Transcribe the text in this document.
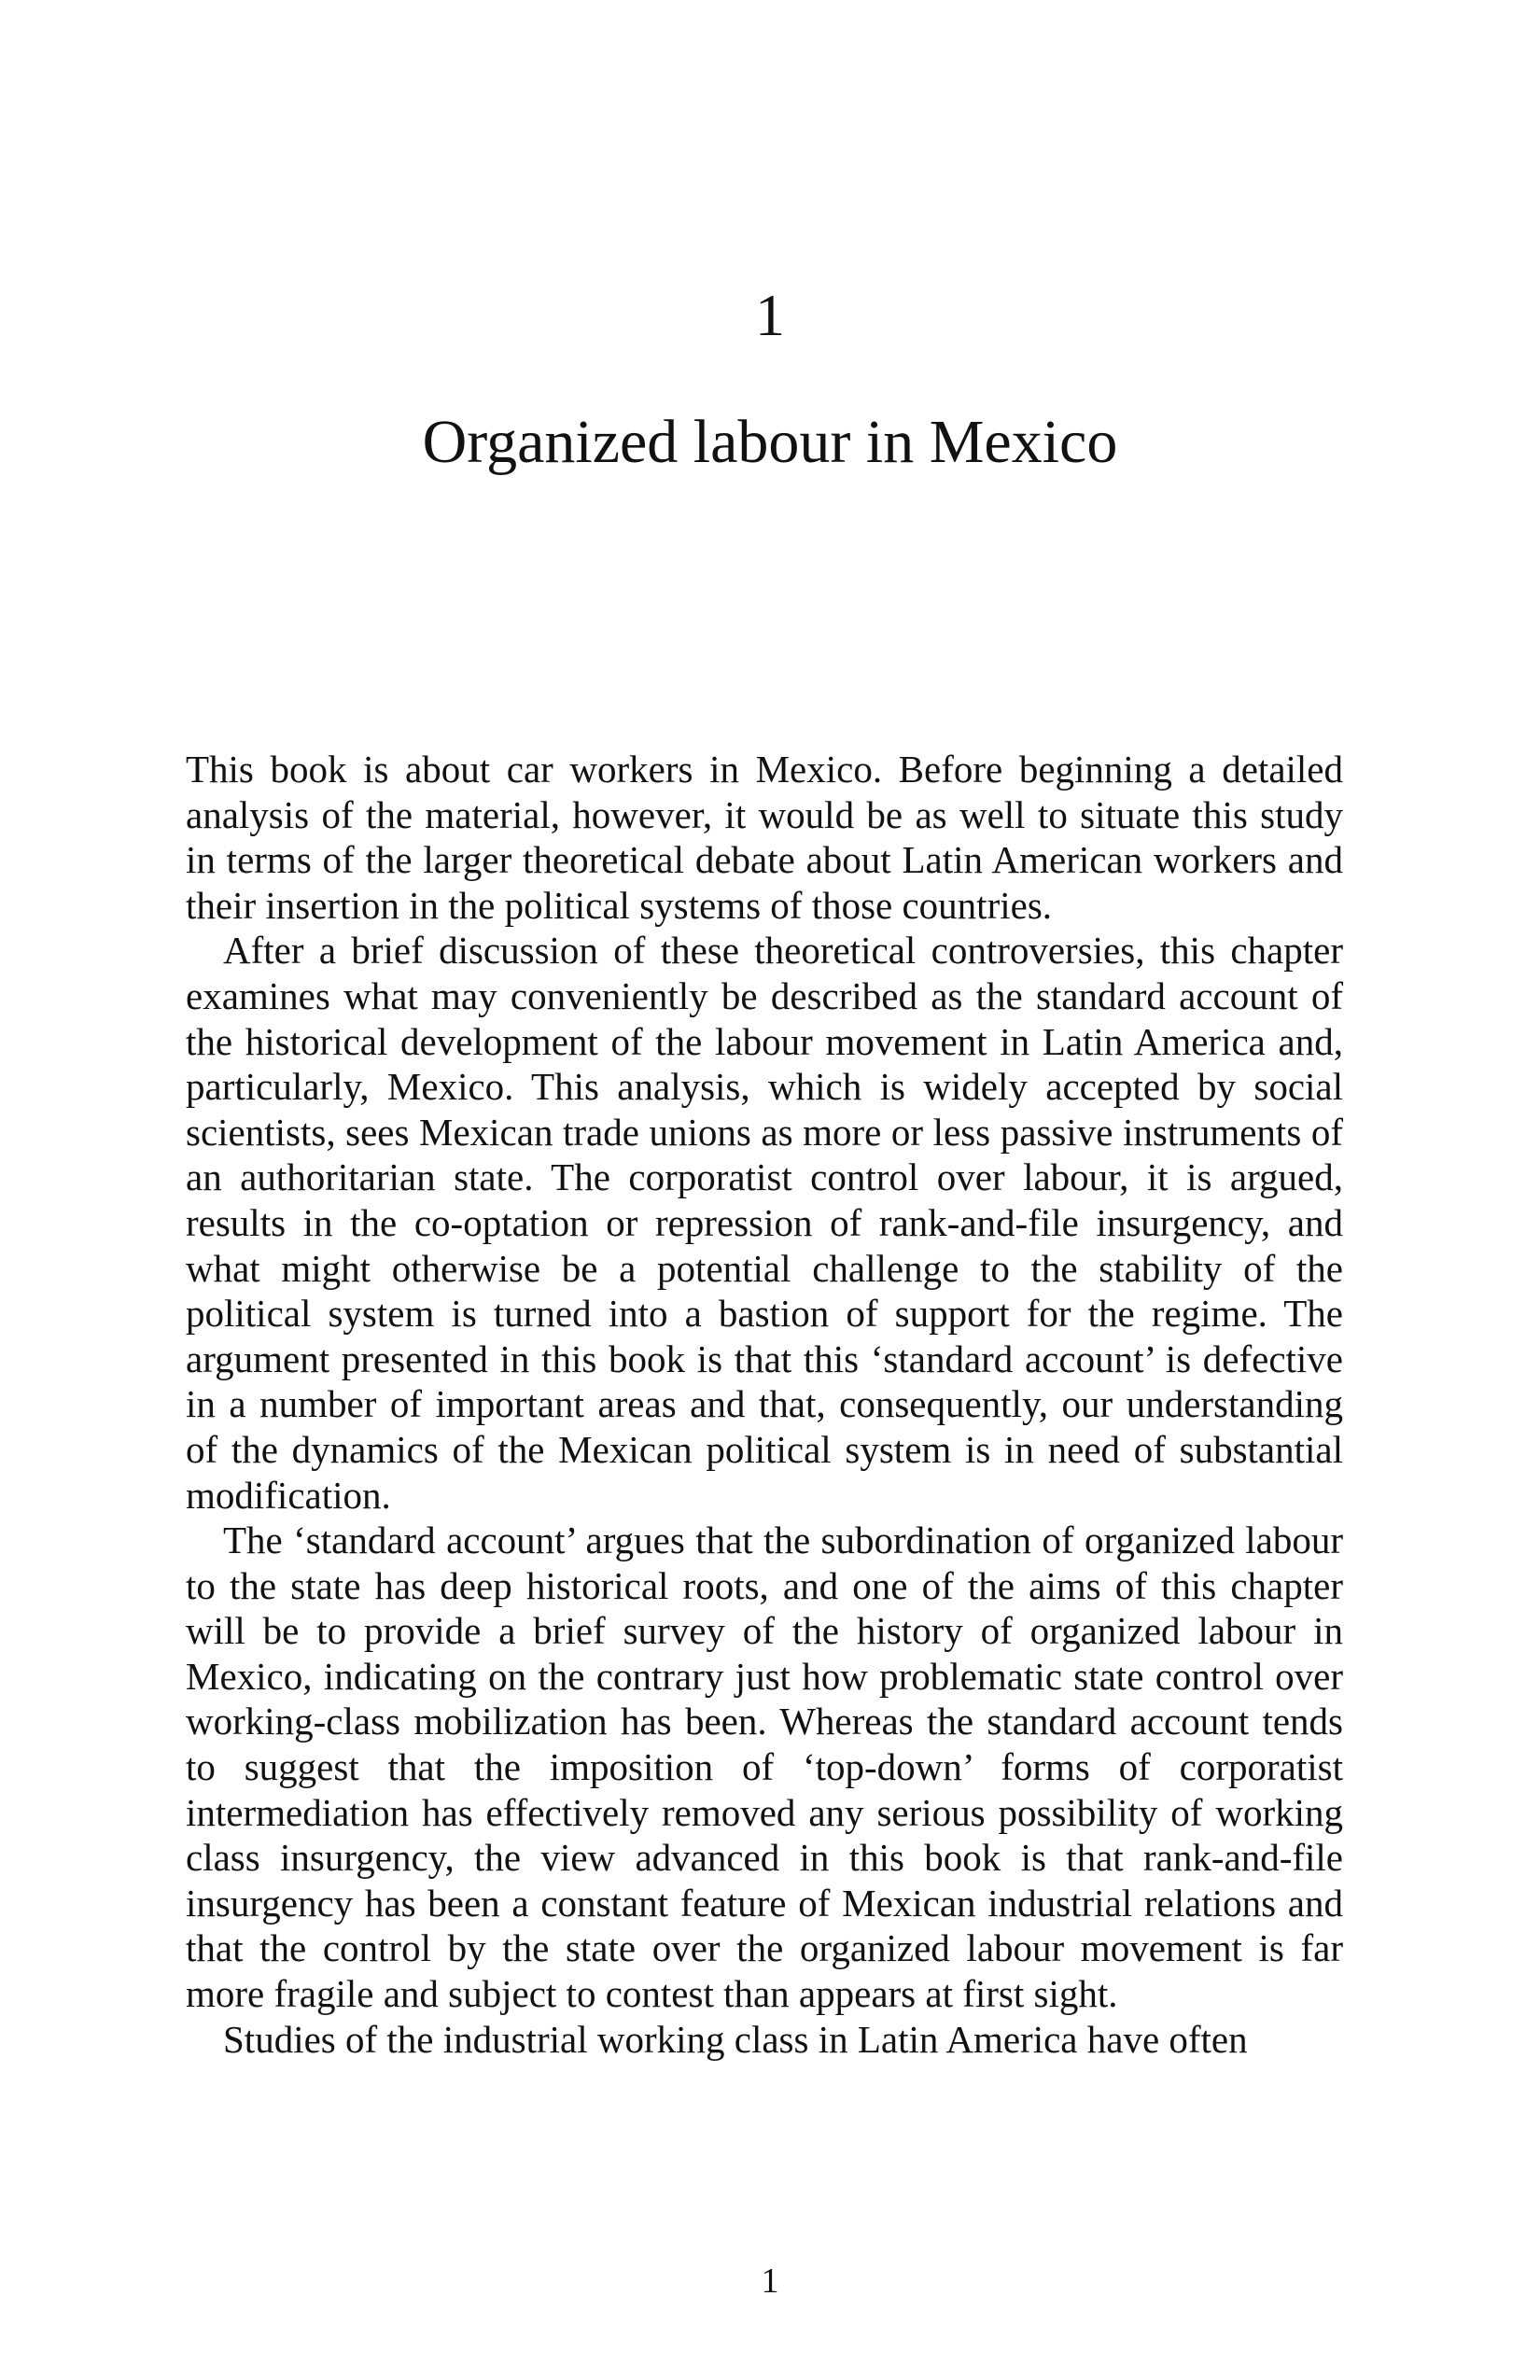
1
Organized labour in Mexico

This book is about car workers in Mexico. Before beginning a detailed analysis of the material, however, it would be as well to situate this study in terms of the larger theoretical debate about Latin American workers and their insertion in the political systems of those countries.

After a brief discussion of these theoretical controversies, this chapter examines what may conveniently be described as the standard account of the historical development of the labour movement in Latin America and, particularly, Mexico. This analysis, which is widely accepted by social scientists, sees Mexican trade unions as more or less passive instruments of an authoritarian state. The corporatist control over labour, it is argued, results in the co-optation or repression of rank-and-file insurgency, and what might otherwise be a potential challenge to the stability of the political system is turned into a bastion of support for the regime. The argument presented in this book is that this ‘standard account’ is defective in a number of important areas and that, consequently, our understanding of the dynamics of the Mexican political system is in need of substantial modification.

The ‘standard account’ argues that the subordination of organized labour to the state has deep historical roots, and one of the aims of this chapter will be to provide a brief survey of the history of organized labour in Mexico, indicating on the contrary just how problematic state control over working-class mobilization has been. Whereas the standard account tends to suggest that the imposition of ‘top-down’ forms of corporatist intermediation has effectively removed any serious possibility of working class insurgency, the view advanced in this book is that rank-and-file insurgency has been a constant feature of Mexican industrial relations and that the control by the state over the organized labour movement is far more fragile and subject to contest than appears at first sight.

Studies of the industrial working class in Latin America have often

1
